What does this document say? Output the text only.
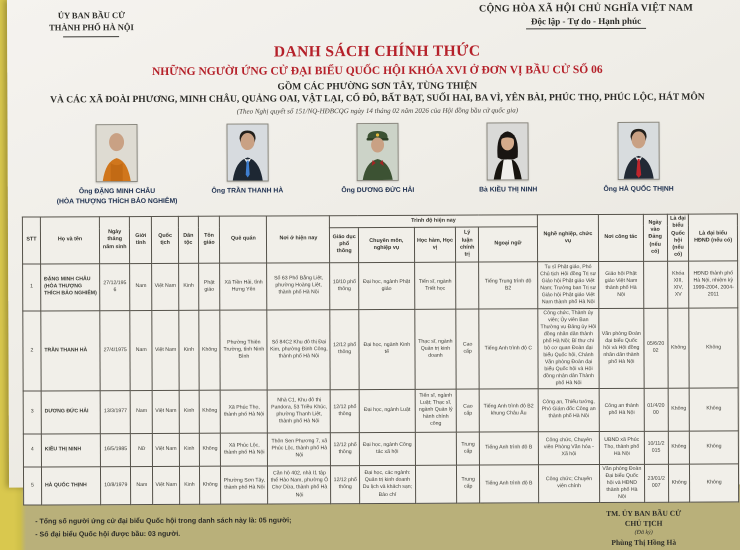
ỦY BAN BẦU CỬ
THÀNH PHỐ HÀ NỘI
CỘNG HÒA XÃ HỘI CHỦ NGHĨA VIỆT NAM
Độc lập - Tự do - Hạnh phúc
DANH SÁCH CHÍNH THỨC
NHỮNG NGƯỜI ỨNG CỬ ĐẠI BIỂU QUỐC HỘI KHÓA XVI Ở ĐƠN VỊ BẦU CỬ SỐ 06
GỒM CÁC PHƯỜNG SƠN TÂY, TÙNG THIỆN
VÀ CÁC XÃ ĐOÀI PHƯƠNG, MINH CHÂU, QUẢNG OAI, VẬT LẠI, CỔ ĐÔ, BẤT BẠT, SUỐI HAI, BA VÌ, YÊN BÀI, PHÚC THỌ, PHÚC LỘC, HÁT MÔN
(Theo Nghị quyết số 151/NQ-HĐBCQG ngày 14 tháng 02 năm 2026 của Hội đồng bầu cử quốc gia)
Ông ĐẶNG MINH CHÂU
(HÒA THƯỢNG THÍCH BẢO NGHIÊM)
Ông TRẦN THANH HÀ	Ông DƯƠNG ĐỨC HẢI	Bà KIỀU THỊ NINH	Ông HÀ QUỐC THỊNH
STT	Họ và tên	Ngày tháng năm sinh	Giới tính	Quốc tịch	Dân tộc	Tôn giáo	Quê quán	Nơi ở hiện nay	Trình độ hiện nay					Nghề nghiệp, chức vụ	Nơi công tác	Ngày vào Đảng (nếu có)	Là đại biểu Quốc hội (nếu có)	Là đại biểu HĐND (nếu có)
									Giáo dục phổ thông	Chuyên môn, nghiệp vụ	Học hàm, Học vị	Lý luận chính trị	Ngoại ngữ					
1	ĐẶNG MINH CHÂU (HÒA THƯỢNG THÍCH BẢO NGHIÊM)	27/12/1956	Nam	Việt Nam	Kinh	Phật giáo	Xã Tiền Hải, tỉnh Hưng Yên	Số 63 Phố Bằng Liệt, phường Hoàng Liệt, thành phố Hà Nội	10/10 phổ thông	Đại học, ngành Phật giáo	Tiến sĩ, ngành Triết học		Tiếng Trung trình độ B2	Tu sĩ Phật giáo, Phó Chủ tịch Hội đồng Trị sự Giáo hội Phật giáo Việt Nam; Trưởng ban Trị sự Giáo hội Phật giáo Việt Nam thành phố Hà Nội	Giáo hội Phật giáo Việt Nam thành phố Hà Nội		Khóa XIII, XIV, XV	HĐND thành phố Hà Nội, nhiệm kỳ 1999-2004, 2004-2011
2	TRẦN THANH HÀ	27/4/1975	Nam	Việt Nam	Kinh	Không	Phường Thiên Trường, tỉnh Ninh Bình	Số 84C2 Khu đô thị Đại Kim, phường Định Công, thành phố Hà Nội	12/12 phổ thông	Đại học, ngành Kinh tế	Thạc sĩ, ngành Quản trị kinh doanh	Cao cấp	Tiếng Anh trình độ C	Công chức, Thành ủy viên; Ủy viên Ban Thường vụ Đảng ủy Hội đồng nhân dân thành phố Hà Nội; Bí thư chi bộ cơ quan Đoàn đại biểu Quốc hội, Chánh Văn phòng Đoàn đại biểu Quốc hội và Hội đồng nhân dân Thành phố Hà Nội	Văn phòng Đoàn đại biểu Quốc hội và Hội đồng nhân dân thành phố Hà Nội	05/6/2002	Không	Không
3	DƯƠNG ĐỨC HẢI	13/3/1977	Nam	Việt Nam	Kinh	Không	Xã Phúc Thọ, thành phố Hà Nội	Nhà C1, Khu đô thị Pandora, 53 Triều Khúc, phường Thanh Liệt, thành phố Hà Nội	12/12 phổ thông	Đại học, ngành Luật	Tiến sĩ, ngành Luật; Thạc sĩ, ngành Quản lý hành chính công	Cao cấp	Tiếng Anh trình độ B2 khung Châu Âu	Công an, Thiếu tướng, Phó Giám đốc Công an thành phố Hà Nội	Công an thành phố Hà Nội	01/4/2000	Không	Không
4	KIỀU THỊ NINH	16/5/1985	Nữ	Việt Nam	Kinh	Không	Xã Phúc Lộc, thành phố Hà Nội	Thôn Sen Phương 7, xã Phúc Lộc, thành phố Hà Nội	12/12 phổ thông	Đại học, ngành Công tác xã hội		Trung cấp	Tiếng Anh trình độ B	Công chức, Chuyên viên Phòng Văn hóa - Xã hội	UBND xã Phúc Thọ, thành phố Hà Nội	10/11/2015	Không	Không
5	HÀ QUỐC THỊNH	10/8/1979	Nam	Việt Nam	Kinh	Không	Phường Sơn Tây, thành phố Hà Nội	Căn hộ 402, nhà I1 tập thể Hào Nam, phường Ô Chợ Dừa, thành phố Hà Nội	12/12 phổ thông	Đại học, các ngành: Quản trị kinh doanh Du lịch và khách sạn; Báo chí		Trung cấp	Tiếng Anh trình độ B	Công chức; Chuyên viên chính	Văn phòng Đoàn Đại biểu Quốc hội và HĐND thành phố Hà Nội	23/01/2007	Không	Không
- Tổng số người ứng cử đại biểu Quốc hội trong danh sách này là: 05 người;
- Số đại biểu Quốc hội được bầu: 03 người.
TM. ỦY BAN BẦU CỬ
CHỦ TỊCH
(Đã ký)
Phùng Thị Hồng Hà
